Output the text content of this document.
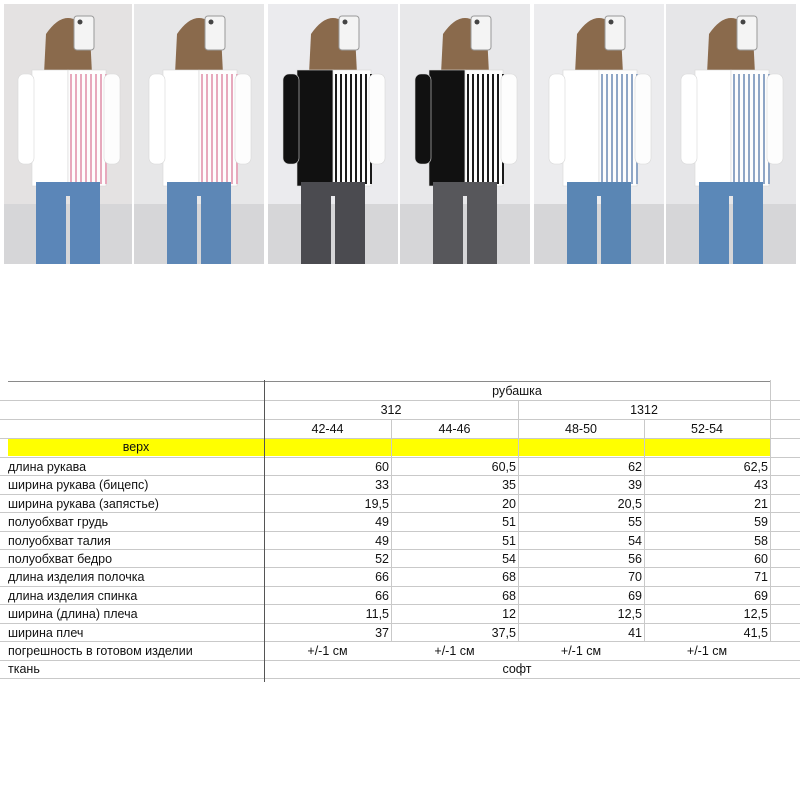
рубашка
312	1312
42-44	44-46	48-50	52-54
верх
длина рукава	60	60,5	62	62,5
ширина рукава (бицепс)	33	35	39	43
ширина рукава (запястье)	19,5	20	20,5	21
полуобхват грудь	49	51	55	59
полуобхват талия	49	51	54	58
полуобхват бедро	52	54	56	60
длина изделия полочка	66	68	70	71
длина изделия спинка	66	68	69	69
ширина (длина) плеча	11,5	12	12,5	12,5
ширина плеч	37	37,5	41	41,5
погрешность в готовом изделии	+/-1 см	+/-1 см	+/-1 см	+/-1 см
ткань	софт
